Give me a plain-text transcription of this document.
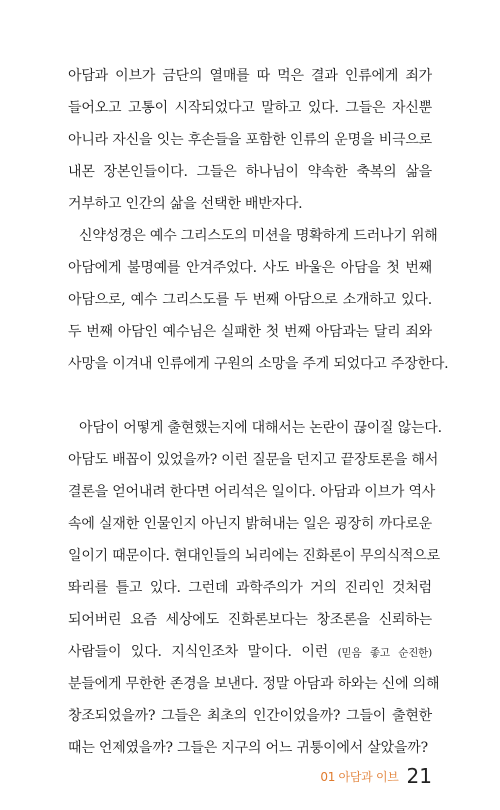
아담과 이브가 금단의 열매를 따 먹은 결과 인류에게 죄가
들어오고 고통이 시작되었다고 말하고 있다. 그들은 자신뿐
아니라 자신을 잇는 후손들을 포함한 인류의 운명을 비극으로
내몬 장본인들이다. 그들은 하나님이 약속한 축복의 삶을
거부하고 인간의 삶을 선택한 배반자다.
신약성경은 예수 그리스도의 미션을 명확하게 드러나기 위해
아담에게 불명예를 안겨주었다. 사도 바울은 아담을 첫 번째
아담으로, 예수 그리스도를 두 번째 아담으로 소개하고 있다.
두 번째 아담인 예수님은 실패한 첫 번째 아담과는 달리 죄와
사망을 이겨내 인류에게 구원의 소망을 주게 되었다고 주장한다.
아담이 어떻게 출현했는지에 대해서는 논란이 끊이질 않는다.
아담도 배꼽이 있었을까? 이런 질문을 던지고 끝장토론을 해서
결론을 얻어내려 한다면 어리석은 일이다. 아담과 이브가 역사
속에 실재한 인물인지 아닌지 밝혀내는 일은 굉장히 까다로운
일이기 때문이다. 현대인들의 뇌리에는 진화론이 무의식적으로
똬리를 틀고 있다. 그런데 과학주의가 거의 진리인 것처럼
되어버린 요즘 세상에도 진화론보다는 창조론을 신뢰하는
사람들이 있다. 지식인조차 말이다. 이런 (믿음 좋고 순진한)
분들에게 무한한 존경을 보낸다. 정말 아담과 하와는 신에 의해
창조되었을까? 그들은 최초의 인간이었을까? 그들이 출현한
때는 언제였을까? 그들은 지구의 어느 귀퉁이에서 살았을까?
01 아담과 이브 21
